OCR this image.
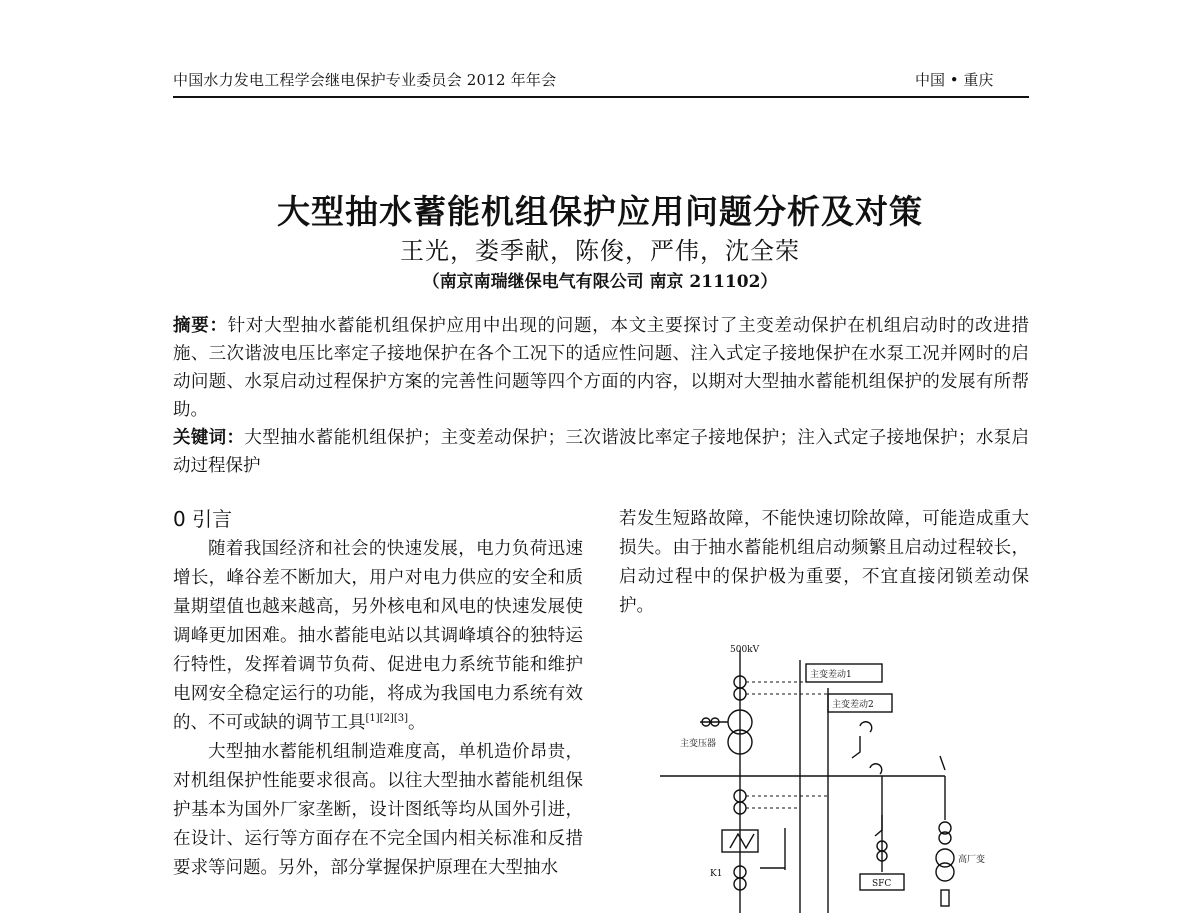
中国水力发电工程学会继电保护专业委员会 2012 年年会	中国 • 重庆
大型抽水蓄能机组保护应用问题分析及对策
王光，娄季献，陈俊，严伟，沈全荣
（南京南瑞继保电气有限公司 南京 211102）
摘要：针对大型抽水蓄能机组保护应用中出现的问题，本文主要探讨了主变差动保护在机组启动时的改进措施、三次谐波电压比率定子接地保护在各个工况下的适应性问题、注入式定子接地保护在水泵工况并网时的启动问题、水泵启动过程保护方案的完善性问题等四个方面的内容，以期对大型抽水蓄能机组保护的发展有所帮助。
关键词：大型抽水蓄能机组保护；主变差动保护；三次谐波比率定子接地保护；注入式定子接地保护；水泵启动过程保护
0 引言

随着我国经济和社会的快速发展，电力负荷迅速增长，峰谷差不断加大，用户对电力供应的安全和质量期望值也越来越高，另外核电和风电的快速发展使调峰更加困难。抽水蓄能电站以其调峰填谷的独特运行特性，发挥着调节负荷、促进电力系统节能和维护电网安全稳定运行的功能，将成为我国电力系统有效的、不可或缺的调节工具[1][2][3]。

大型抽水蓄能机组制造难度高，单机造价昂贵，对机组保护性能要求很高。以往大型抽水蓄能机组保护基本为国外厂家垄断，设计图纸等均从国外引进，在设计、运行等方面存在不完全国内相关标准和反措要求等问题。另外，部分掌握保护原理在大型抽水

若发生短路故障，不能快速切除故障，可能造成重大损失。由于抽水蓄能机组启动频繁且启动过程较长，启动过程中的保护极为重要，不宜直接闭锁差动保护。

500kV
主变差动1
主变差动2
主变压器
K1
SFC
高厂变
